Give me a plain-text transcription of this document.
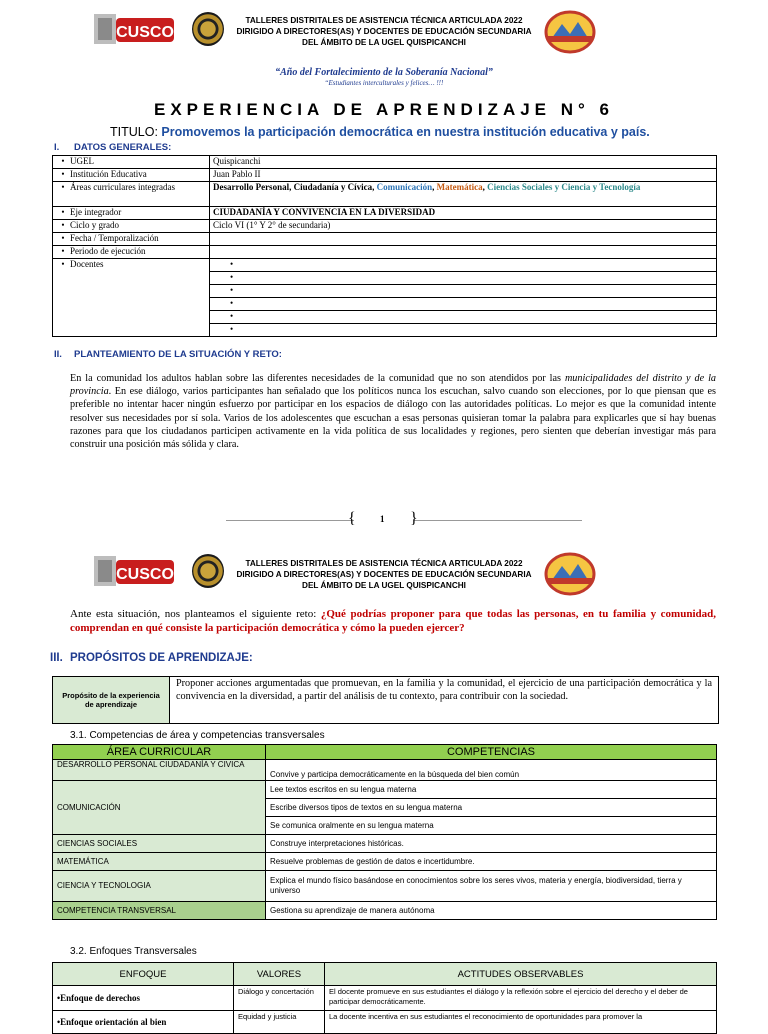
CUSCO
TALLERES DISTRITALES DE ASISTENCIA TÉCNICA ARTICULADA 2022
DIRIGIDO A DIRECTORES(AS) Y DOCENTES DE EDUCACIÓN SECUNDARIA
DEL ÁMBITO DE LA UGEL QUISPICANCHI
“Año del Fortalecimiento de la Soberanía Nacional”
“Estudiantes interculturales y felices… !!!
EXPERIENCIA DE APRENDIZAJE N° 6
TITULO: Promovemos la participación democrática en nuestra institución educativa y país.
I. DATOS GENERALES:
• UGEL	Quispicanchi
• Institución Educativa	Juan Pablo II
• Áreas curriculares integradas	Desarrollo Personal, Ciudadanía y Cívica, Comunicación, Matemática, Ciencias Sociales y Ciencia y Tecnología
• Eje integrador	CIUDADANÍA Y CONVIVENCIA EN LA DIVERSIDAD
• Ciclo y grado	Ciclo VI (1° Y 2° de secundaria)
• Fecha / Temporalización	
• Periodo de ejecución	
• Docentes	•
	•
	•
	•
	•
	•
II. PLANTEAMIENTO DE LA SITUACIÓN Y RETO:
En la comunidad los adultos hablan sobre las diferentes necesidades de la comunidad que no son atendidos por las municipalidades del distrito y de la provincia. En ese diálogo, varios participantes han señalado que los políticos nunca los escuchan, salvo cuando son elecciones, por lo que piensan que es preferible no intentar hacer ningún esfuerzo por participar en los espacios de diálogo con las autoridades políticas. Lo mejor es que la comunidad intente resolver sus necesidades por sí sola. Varios de los adolescentes que escuchan a esas personas quisieran tomar la palabra para explicarles que sí hay buenas razones para que los ciudadanos participen activamente en la vida política de sus localidades y regiones, pero sienten que deberían investigar más para construir una posición más sólida y clara.
{	1 }
CUSCO
TALLERES DISTRITALES DE ASISTENCIA TÉCNICA ARTICULADA 2022
DIRIGIDO A DIRECTORES(AS) Y DOCENTES DE EDUCACIÓN SECUNDARIA
DEL ÁMBITO DE LA UGEL QUISPICANCHI
Ante esta situación, nos planteamos el siguiente reto: ¿Qué podrías proponer para que todas las personas, en tu familia y comunidad, comprendan en qué consiste la participación democrática y cómo la pueden ejercer?
III. PROPÓSITOS DE APRENDIZAJE:
Propósito de la experiencia de aprendizaje
Proponer acciones argumentadas que promuevan, en la familia y la comunidad, el ejercicio de una participación democrática y la convivencia en la diversidad, a partir del análisis de tu contexto, para contribuir con la sociedad.
3.1. Competencias de área y competencias transversales
ÁREA CURRICULAR	COMPETENCIAS
DESARROLLO PERSONAL CIUDADANÍA Y CIVICA	Convive y participa democráticamente en la búsqueda del bien común
COMUNICACIÓN	Lee textos escritos en su lengua materna
	Escribe diversos tipos de textos en su lengua materna
	Se comunica oralmente en su lengua materna
CIENCIAS SOCIALES	Construye interpretaciones históricas.
MATEMÁTICA	Resuelve problemas de gestión de datos e incertidumbre.
CIENCIA Y TECNOLOGIA	Explica el mundo físico basándose en conocimientos sobre los seres vivos, materia y energía, biodiversidad, tierra y universo
COMPETENCIA TRANSVERSAL	Gestiona su aprendizaje de manera autónoma
3.2. Enfoques Transversales
ENFOQUE	VALORES	ACTITUDES OBSERVABLES
•Enfoque de derechos	Diálogo y concertación	El docente promueve en sus estudiantes el diálogo y la reflexión sobre el ejercicio del derecho y el deber de participar democráticamente.
•Enfoque orientación al bien	Equidad y justicia	La docente incentiva en sus estudiantes el reconocimiento de oportunidades para promover la
